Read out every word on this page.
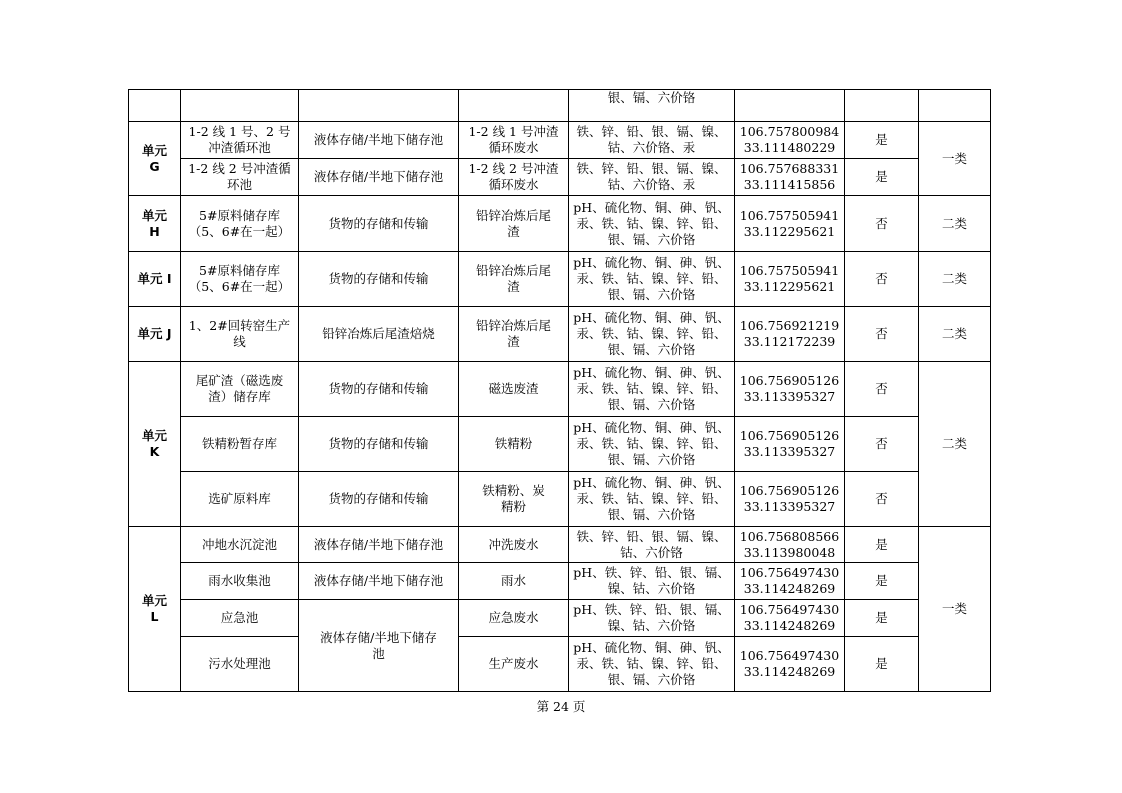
				银、镉、六价铬			
单元
G	1-2 线 1 号、2 号
冲渣循环池	液体存储/半地下储存池	1-2 线 1 号冲渣
循环废水	铁、锌、铅、银、镉、镍、
钴、六价铬、汞	106.757800984
33.111480229	是	一类
	1-2 线 2 号冲渣循
环池	液体存储/半地下储存池	1-2 线 2 号冲渣
循环废水	铁、锌、铅、银、镉、镍、
钴、六价铬、汞	106.757688331
33.111415856	是	
单元
H	5#原料储存库
（5、6#在一起）	货物的存储和传输	铅锌冶炼后尾
渣	pH、硫化物、铜、砷、钒、
汞、铁、钴、镍、锌、铅、
银、镉、六价铬	106.757505941
33.112295621	否	二类
单元 I	5#原料储存库
（5、6#在一起）	货物的存储和传输	铅锌冶炼后尾
渣	pH、硫化物、铜、砷、钒、
汞、铁、钴、镍、锌、铅、
银、镉、六价铬	106.757505941
33.112295621	否	二类
单元 J	1、2#回转窑生产
线	铅锌冶炼后尾渣焙烧	铅锌冶炼后尾
渣	pH、硫化物、铜、砷、钒、
汞、铁、钴、镍、锌、铅、
银、镉、六价铬	106.756921219
33.112172239	否	二类
单元
K	尾矿渣（磁选废
渣）储存库	货物的存储和传输	磁选废渣	pH、硫化物、铜、砷、钒、
汞、铁、钴、镍、锌、铅、
银、镉、六价铬	106.756905126
33.113395327	否	二类
	铁精粉暂存库	货物的存储和传输	铁精粉	pH、硫化物、铜、砷、钒、
汞、铁、钴、镍、锌、铅、
银、镉、六价铬	106.756905126
33.113395327	否	
	选矿原料库	货物的存储和传输	铁精粉、炭
精粉	pH、硫化物、铜、砷、钒、
汞、铁、钴、镍、锌、铅、
银、镉、六价铬	106.756905126
33.113395327	否	
单元
L	冲地水沉淀池	液体存储/半地下储存池	冲洗废水	铁、锌、铅、银、镉、镍、
钴、六价铬	106.756808566
33.113980048	是	一类
	雨水收集池	液体存储/半地下储存池	雨水	pH、铁、锌、铅、银、镉、
镍、钴、六价铬	106.756497430
33.114248269	是	
	应急池	液体存储/半地下储存
池	应急废水	pH、铁、锌、铅、银、镉、
镍、钴、六价铬	106.756497430
33.114248269	是	
	污水处理池		生产废水	pH、硫化物、铜、砷、钒、
汞、铁、钴、镍、锌、铅、
银、镉、六价铬	106.756497430
33.114248269	是	
第 24 页
